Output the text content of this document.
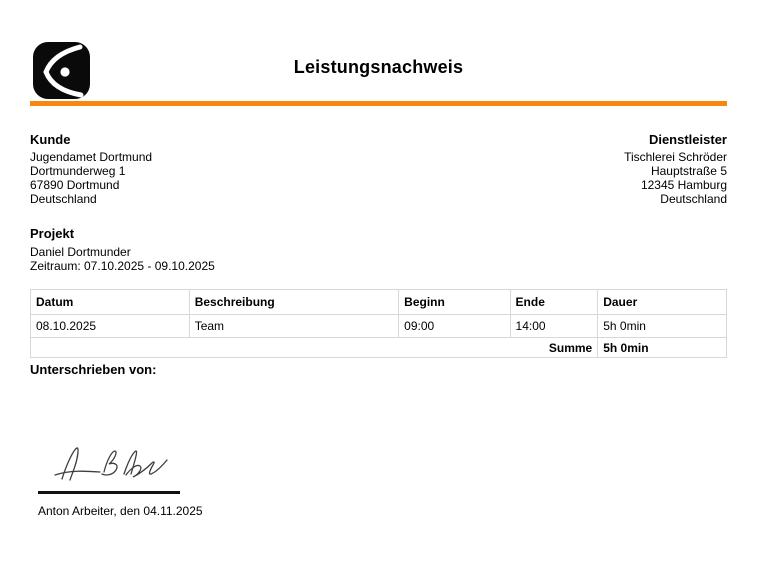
Leistungsnachweis
Kunde
Jugendamet Dortmund
Dortmunderweg 1
67890 Dortmund
Deutschland
Dienstleister
Tischlerei Schröder
Hauptstraße 5
12345 Hamburg
Deutschland
Projekt
Daniel Dortmunder
Zeitraum: 07.10.2025 - 09.10.2025
Datum	Beschreibung	Beginn	Ende	Dauer
08.10.2025	Team	09:00	14:00	5h 0min
Summe				5h 0min
Unterschrieben von:
Anton Arbeiter, den 04.11.2025
